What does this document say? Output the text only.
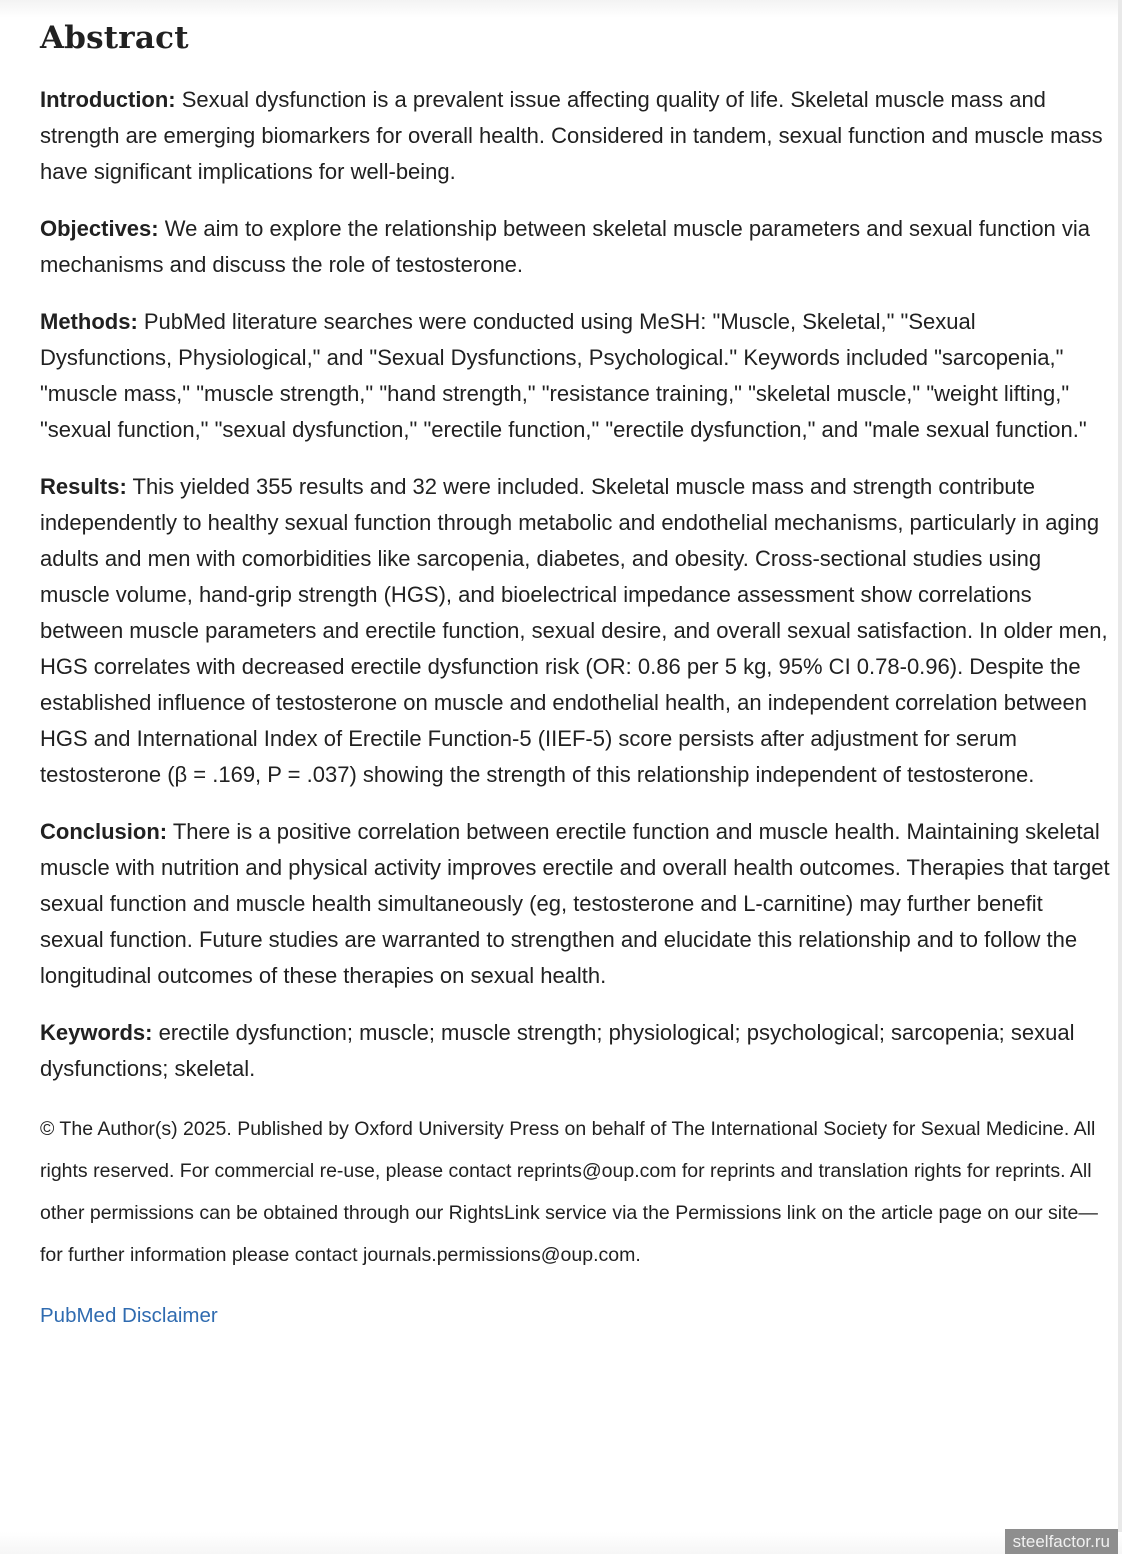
Abstract

Introduction: Sexual dysfunction is a prevalent issue affecting quality of life. Skeletal muscle mass and strength are emerging biomarkers for overall health. Considered in tandem, sexual function and muscle mass have significant implications for well-being.

Objectives: We aim to explore the relationship between skeletal muscle parameters and sexual function via mechanisms and discuss the role of testosterone.

Methods: PubMed literature searches were conducted using MeSH: "Muscle, Skeletal," "Sexual Dysfunctions, Physiological," and "Sexual Dysfunctions, Psychological." Keywords included "sarcopenia," "muscle mass," "muscle strength," "hand strength," "resistance training," "skeletal muscle," "weight lifting," "sexual function," "sexual dysfunction," "erectile function," "erectile dysfunction," and "male sexual function."

Results: This yielded 355 results and 32 were included. Skeletal muscle mass and strength contribute independently to healthy sexual function through metabolic and endothelial mechanisms, particularly in aging adults and men with comorbidities like sarcopenia, diabetes, and obesity. Cross-sectional studies using muscle volume, hand-grip strength (HGS), and bioelectrical impedance assessment show correlations between muscle parameters and erectile function, sexual desire, and overall sexual satisfaction. In older men, HGS correlates with decreased erectile dysfunction risk (OR: 0.86 per 5 kg, 95% CI 0.78-0.96). Despite the established influence of testosterone on muscle and endothelial health, an independent correlation between HGS and International Index of Erectile Function-5 (IIEF-5) score persists after adjustment for serum testosterone (β = .169, P = .037) showing the strength of this relationship independent of testosterone.

Conclusion: There is a positive correlation between erectile function and muscle health. Maintaining skeletal muscle with nutrition and physical activity improves erectile and overall health outcomes. Therapies that target sexual function and muscle health simultaneously (eg, testosterone and L-carnitine) may further benefit sexual function. Future studies are warranted to strengthen and elucidate this relationship and to follow the longitudinal outcomes of these therapies on sexual health.

Keywords: erectile dysfunction; muscle; muscle strength; physiological; psychological; sarcopenia; sexual dysfunctions; skeletal.

© The Author(s) 2025. Published by Oxford University Press on behalf of The International Society for Sexual Medicine. All rights reserved. For commercial re-use, please contact reprints@oup.com for reprints and translation rights for reprints. All other permissions can be obtained through our RightsLink service via the Permissions link on the article page on our site—for further information please contact journals.permissions@oup.com.

PubMed Disclaimer
steelfactor.ru
